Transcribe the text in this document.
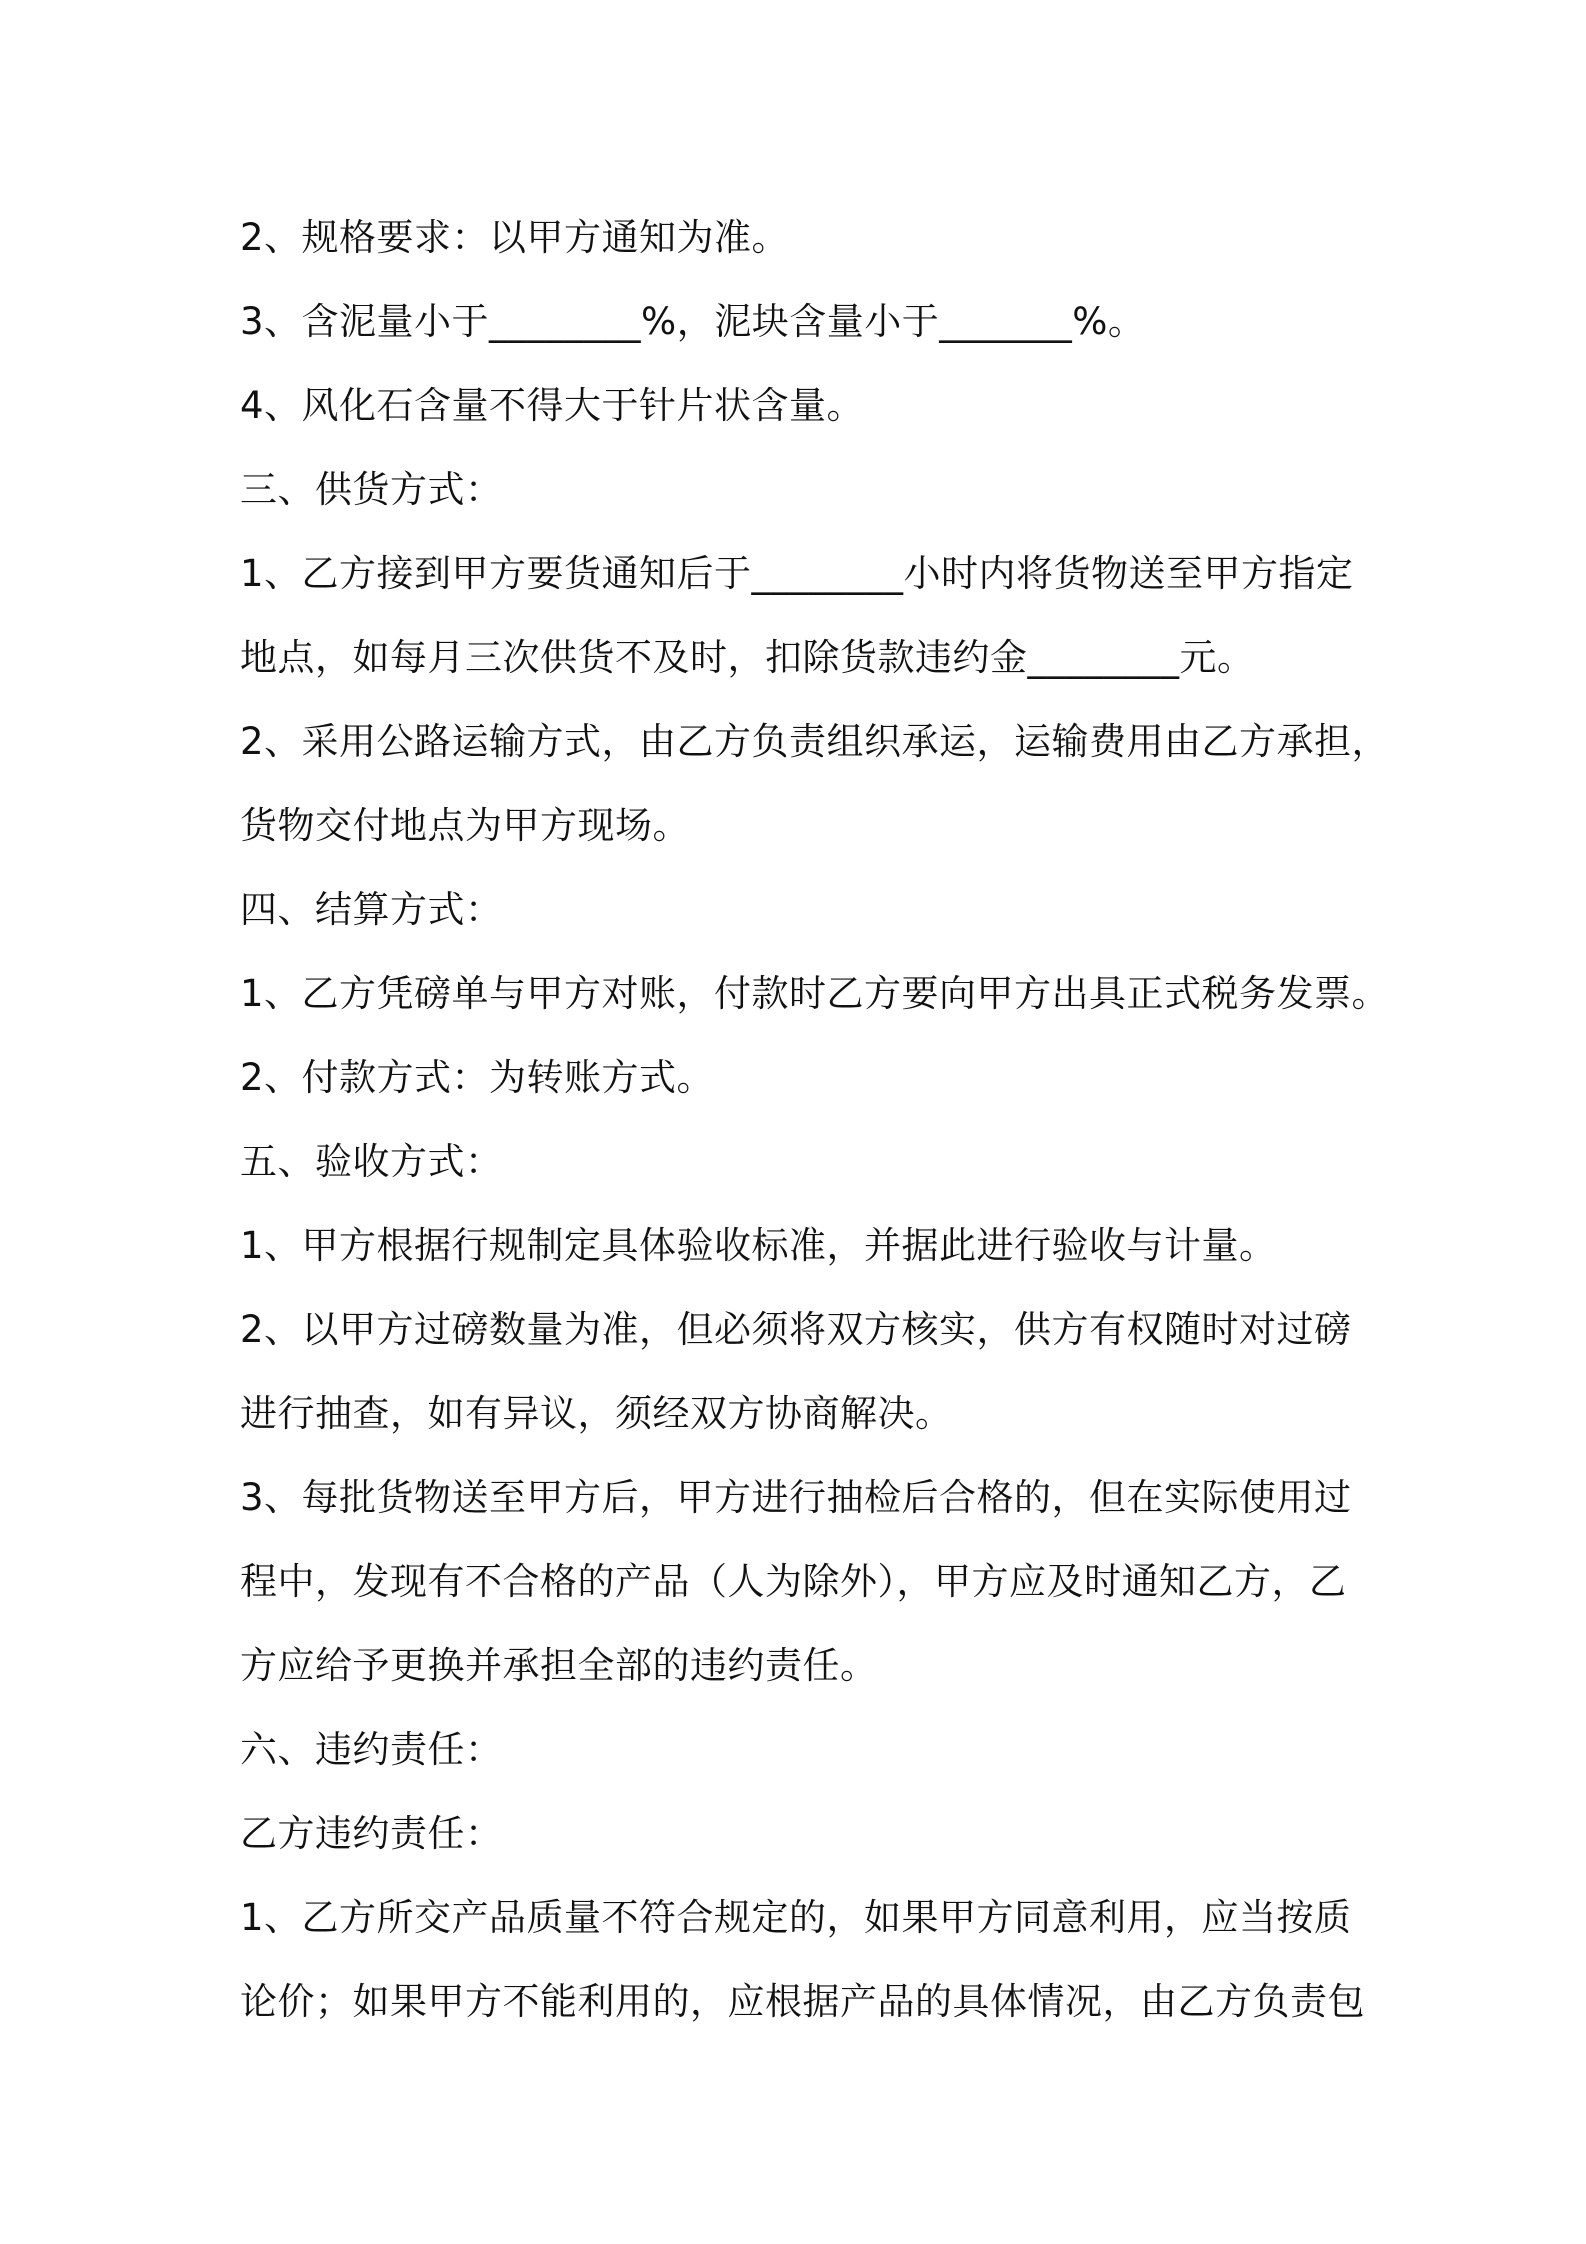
2、规格要求：以甲方通知为准。
3、含泥量小于________%，泥块含量小于_______%。
4、风化石含量不得大于针片状含量。
三、供货方式：
1、乙方接到甲方要货通知后于________小时内将货物送至甲方指定
地点，如每月三次供货不及时，扣除货款违约金________元。
2、采用公路运输方式，由乙方负责组织承运，运输费用由乙方承担，
货物交付地点为甲方现场。
四、结算方式：
1、乙方凭磅单与甲方对账，付款时乙方要向甲方出具正式税务发票。
2、付款方式：为转账方式。
五、验收方式：
1、甲方根据行规制定具体验收标准，并据此进行验收与计量。
2、以甲方过磅数量为准，但必须将双方核实，供方有权随时对过磅
进行抽查，如有异议，须经双方协商解决。
3、每批货物送至甲方后，甲方进行抽检后合格的，但在实际使用过
程中，发现有不合格的产品（人为除外），甲方应及时通知乙方，乙
方应给予更换并承担全部的违约责任。
六、违约责任：
乙方违约责任：
1、乙方所交产品质量不符合规定的，如果甲方同意利用，应当按质
论价；如果甲方不能利用的，应根据产品的具体情况，由乙方负责包
